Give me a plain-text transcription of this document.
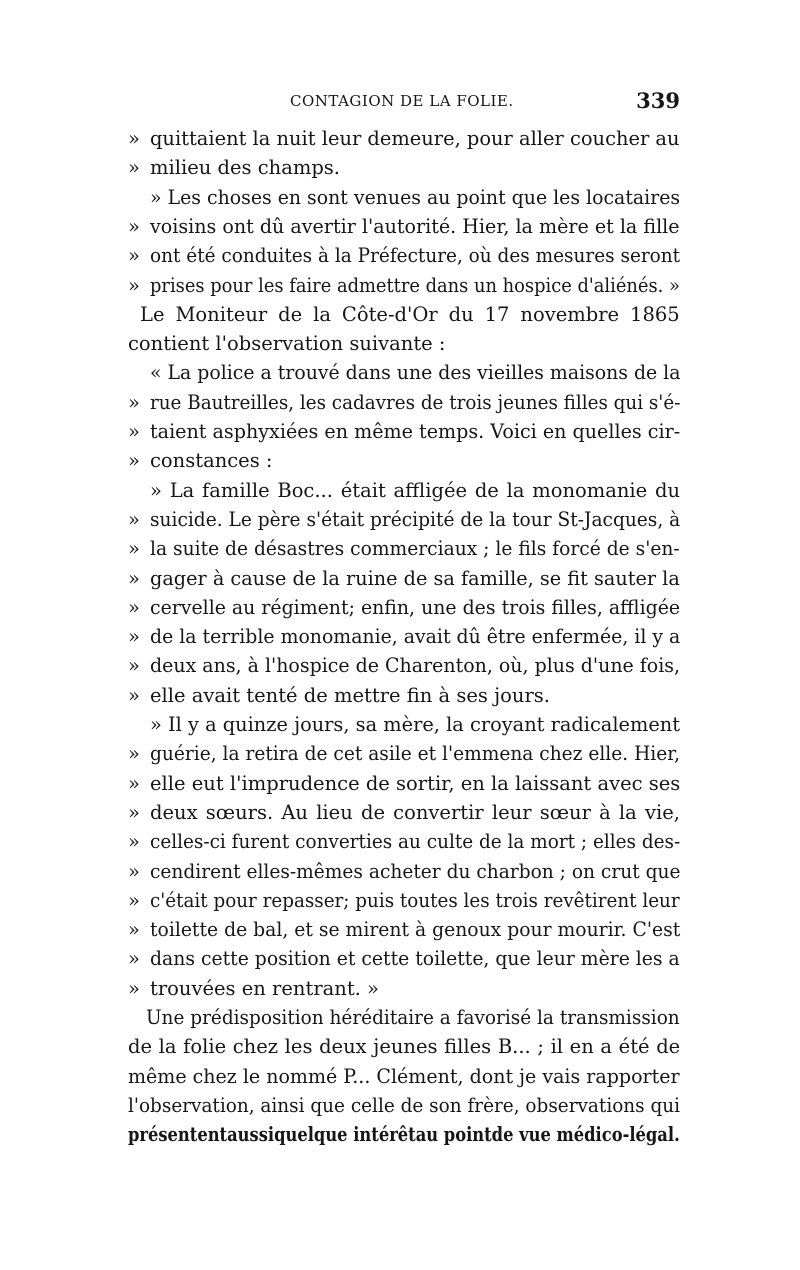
CONTAGION DE LA FOLIE.	339
» quittaient la nuit leur demeure, pour aller coucher au
» milieu des champs.
» Les choses en sont venues au point que les locataires
» voisins ont dû avertir l'autorité. Hier, la mère et la fille
» ont été conduites à la Préfecture, où des mesures seront
» prises pour les faire admettre dans un hospice d'aliénés. »
Le Moniteur de la Côte-d'Or du 17 novembre 1865
contient l'observation suivante :
« La police a trouvé dans une des vieilles maisons de la
» rue Bautreilles, les cadavres de trois jeunes filles qui s'é-
» taient asphyxiées en même temps. Voici en quelles cir-
» constances :
» La famille Boc... était affligée de la monomanie du
» suicide. Le père s'était précipité de la tour St-Jacques, à
» la suite de désastres commerciaux ; le fils forcé de s'en-
» gager à cause de la ruine de sa famille, se fit sauter la
» cervelle au régiment; enfin, une des trois filles, affligée
» de la terrible monomanie, avait dû être enfermée, il y a
» deux ans, à l'hospice de Charenton, où, plus d'une fois,
» elle avait tenté de mettre fin à ses jours.
» Il y a quinze jours, sa mère, la croyant radicalement
» guérie, la retira de cet asile et l'emmena chez elle. Hier,
» elle eut l'imprudence de sortir, en la laissant avec ses
» deux sœurs. Au lieu de convertir leur sœur à la vie,
» celles-ci furent converties au culte de la mort ; elles des-
» cendirent elles-mêmes acheter du charbon ; on crut que
» c'était pour repasser; puis toutes les trois revêtirent leur
» toilette de bal, et se mirent à genoux pour mourir. C'est
» dans cette position et cette toilette, que leur mère les a
» trouvées en rentrant. »
Une prédisposition héréditaire a favorisé la transmission
de la folie chez les deux jeunes filles B... ; il en a été de
même chez le nommé P... Clément, dont je vais rapporter
l'observation, ainsi que celle de son frère, observations qui
présententaussiquelque intérêtau pointde vue médico-légal.
